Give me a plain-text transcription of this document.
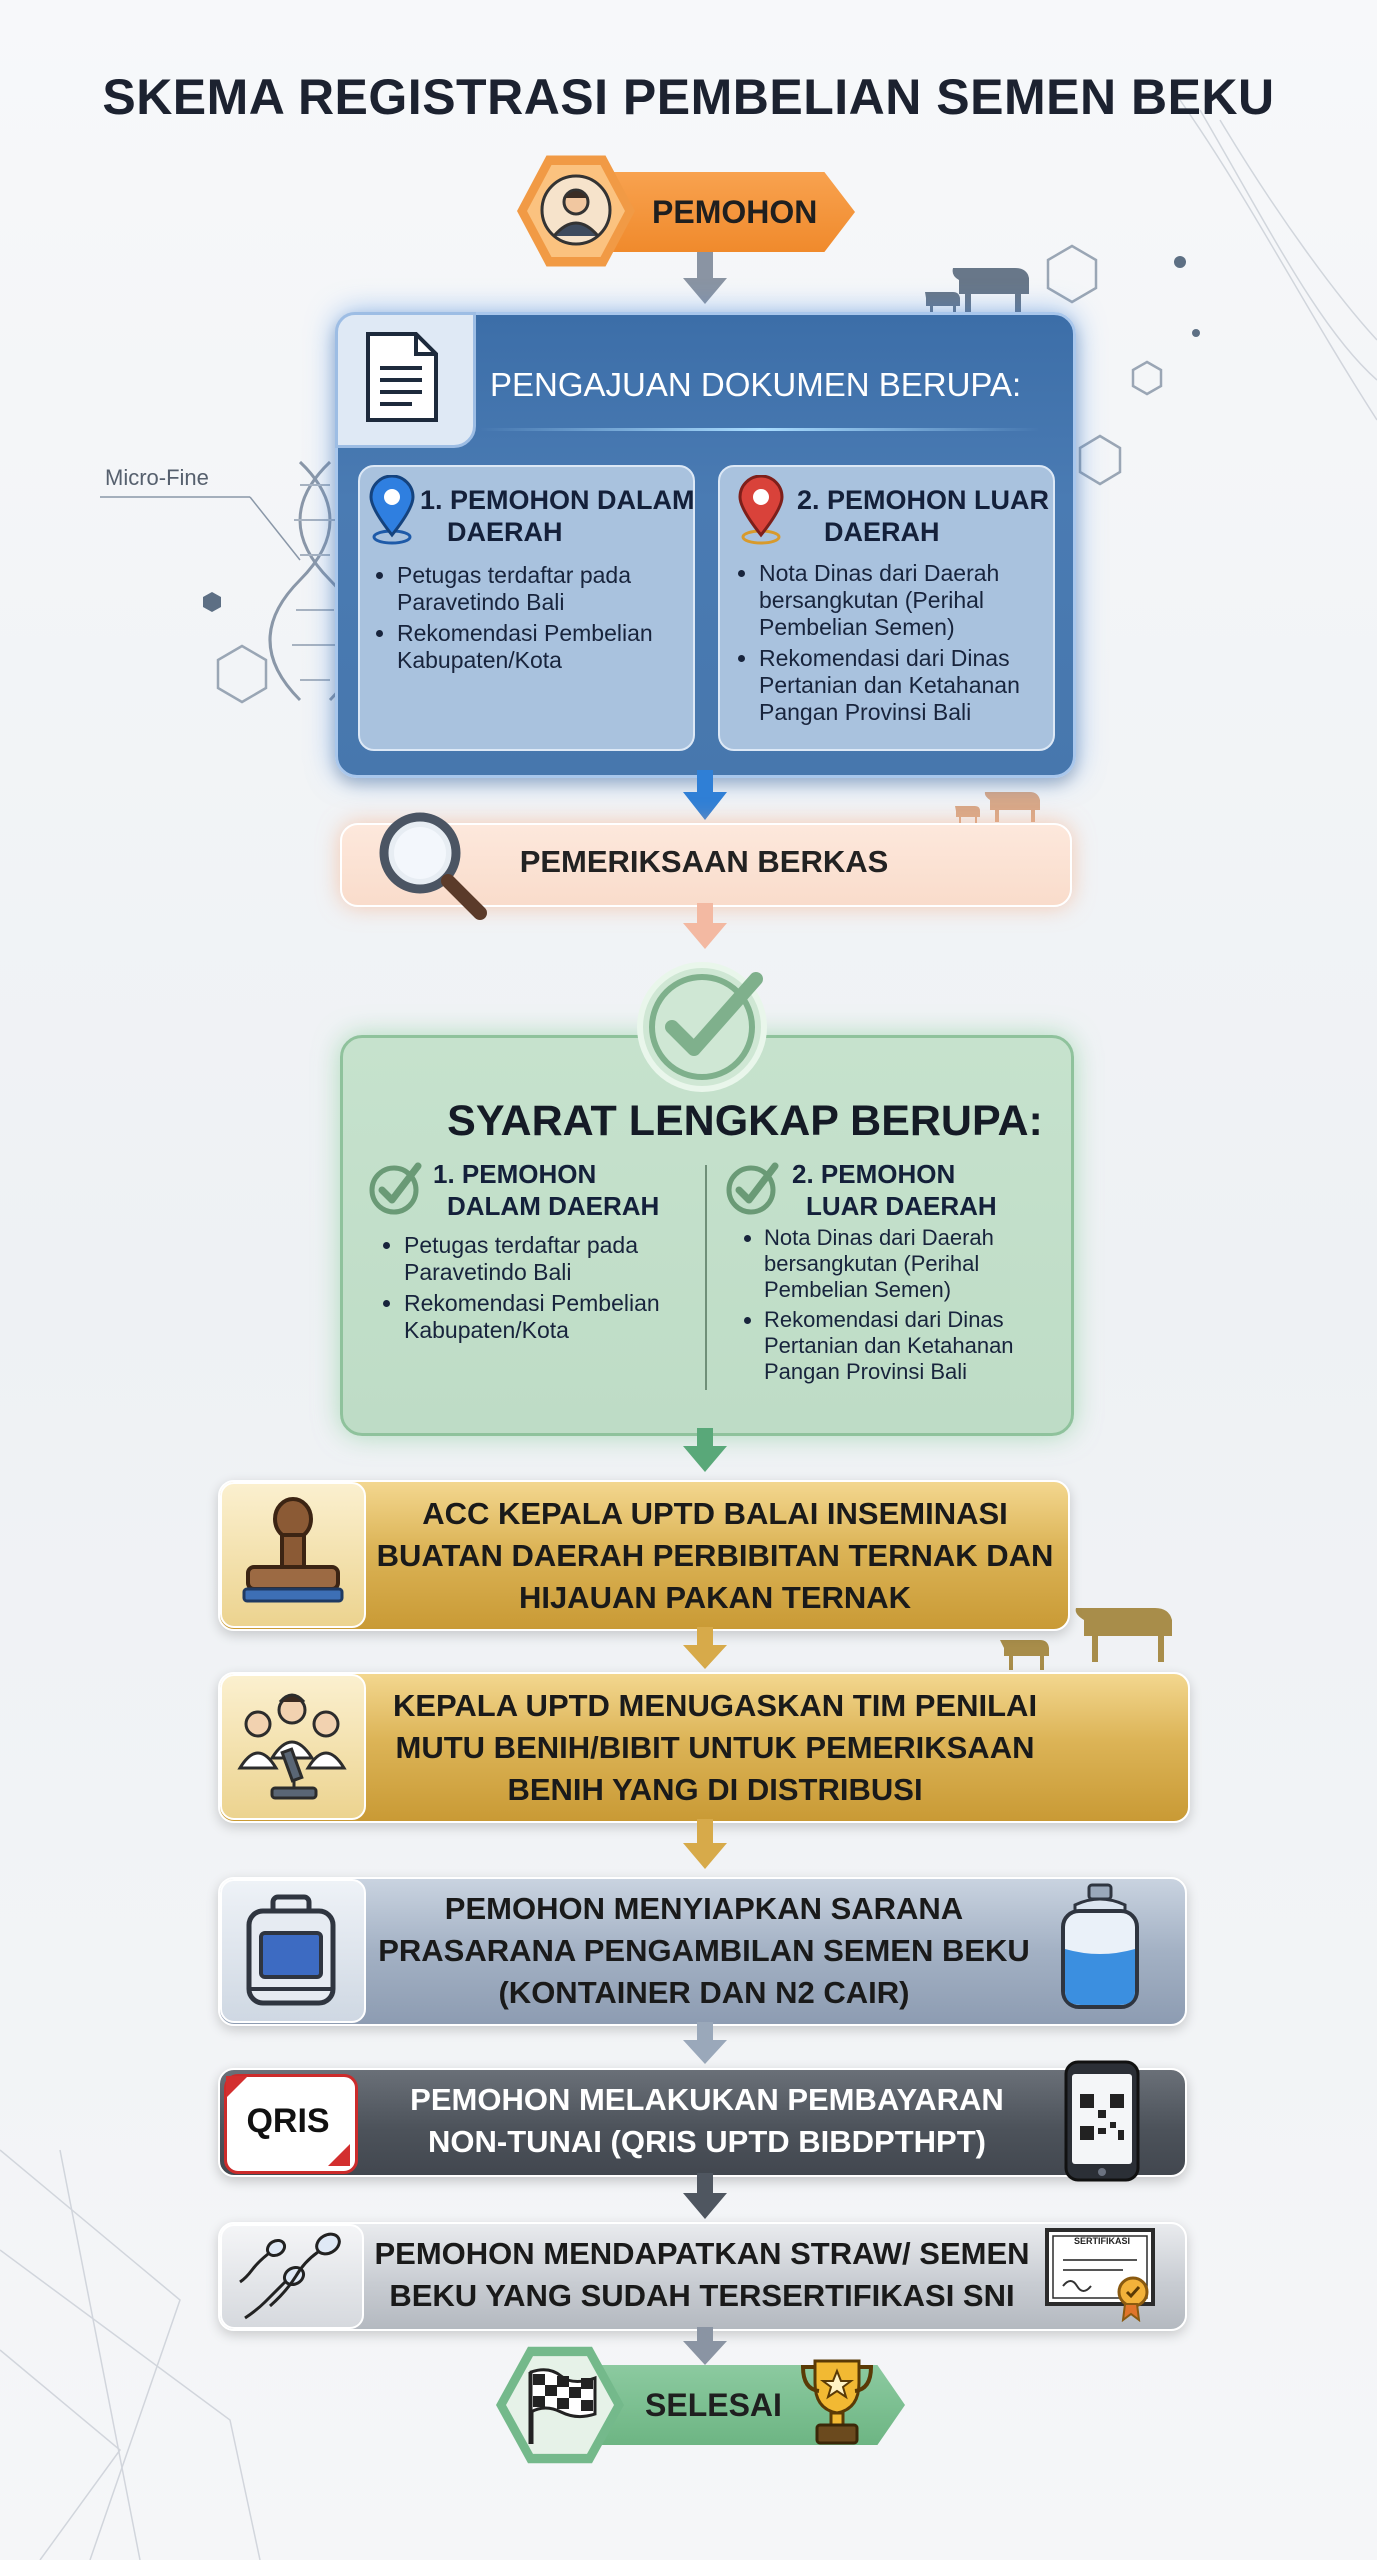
Micro-Fine
SKEMA REGISTRASI PEMBELIAN SEMEN BEKU
PEMOHON
PENGAJUAN DOKUMEN BERUPA:
1. PEMOHON DALAM
DAERAH
• Petugas terdaftar pada Paravetindo Bali
• Rekomendasi Pembelian Kabupaten/Kota
2. PEMOHON LUAR
DAERAH
• Nota Dinas dari Daerah bersangkutan (Perihal Pembelian Semen)
• Rekomendasi dari Dinas Pertanian dan Ketahanan Pangan Provinsi Bali
PEMERIKSAAN BERKAS
SYARAT LENGKAP BERUPA:
1. PEMOHON
DALAM DAERAH
• Petugas terdaftar pada Paravetindo Bali
• Rekomendasi Pembelian Kabupaten/Kota
2. PEMOHON
LUAR DAERAH
• Nota Dinas dari Daerah bersangkutan (Perihal Pembelian Semen)
• Rekomendasi dari Dinas Pertanian dan Ketahanan Pangan Provinsi Bali
ACC KEPALA UPTD BALAI INSEMINASI
BUATAN DAERAH PERBIBITAN TERNAK DAN
HIJAUAN PAKAN TERNAK
KEPALA UPTD MENUGASKAN TIM PENILAI
MUTU BENIH/BIBIT UNTUK PEMERIKSAAN
BENIH YANG DI DISTRIBUSI
PEMOHON MENYIAPKAN SARANA
PRASARANA PENGAMBILAN SEMEN BEKU
(KONTAINER DAN N2 CAIR)
QRIS
PEMOHON MELAKUKAN PEMBAYARAN
NON-TUNAI (QRIS UPTD BIBDPTHPT)
PEMOHON MENDAPATKAN STRAW/ SEMEN
BEKU YANG SUDAH TERSERTIFIKASI SNI
SERTIFIKASI
SELESAI
